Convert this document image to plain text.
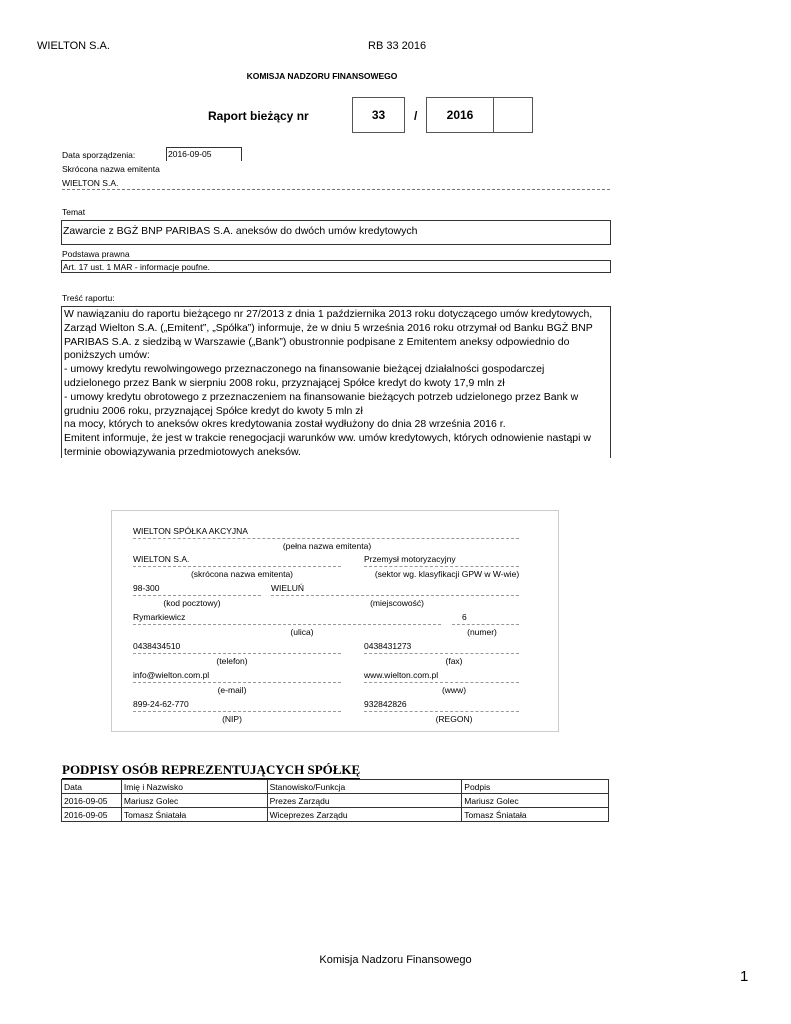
WIELTON S.A.	RB 33 2016
KOMISJA NADZORU FINANSOWEGO
Raport bieżący nr	33	/	2016
Data sporządzenia:	2016-09-05
Skrócona nazwa emitenta
WIELTON S.A.
Temat
Zawarcie z BGŻ BNP PARIBAS S.A. aneksów do dwóch umów kredytowych
Podstawa prawna
Art. 17 ust. 1 MAR - informacje poufne.
Treść raportu:

W nawiązaniu do raportu bieżącego nr 27/2013 z dnia 1 października 2013 roku dotyczącego umów kredytowych,

Zarząd Wielton S.A. („Emitent”, „Spółka”) informuje, że w dniu 5 września 2016 roku otrzymał od Banku BGŻ BNP

PARIBAS S.A. z siedzibą w Warszawie („Bank”) obustronnie podpisane z Emitentem aneksy odpowiednio do

poniższych umów:

- umowy kredytu rewolwingowego przeznaczonego na finansowanie bieżącej działalności gospodarczej

udzielonego przez Bank w sierpniu 2008 roku, przyznającej Spółce kredyt do kwoty 17,9 mln zł

- umowy kredytu obrotowego z przeznaczeniem na finansowanie bieżących potrzeb udzielonego przez Bank w

grudniu 2006 roku, przyznającej Spółce kredyt do kwoty 5 mln zł

na mocy, których to aneksów okres kredytowania został wydłużony do dnia 28 września 2016 r.

Emitent informuje, że jest w trakcie renegocjacji warunków ww. umów kredytowych, których odnowienie nastąpi w

terminie obowiązywania przedmiotowych aneksów.

WIELTON SPÓŁKA AKCYJNA
(pełna nazwa emitenta)
WIELTON S.A.	Przemysł motoryzacyjny
(skrócona nazwa emitenta)	(sektor wg. klasyfikacji GPW w W-wie)
98-300	WIELUŃ
(kod pocztowy)	(miejscowość)
Rymarkiewicz	6
(ulica)	(numer)
0438434510	0438431273
(telefon)	(fax)
info@wielton.com.pl	www.wielton.com.pl
(e-mail)	(www)
899-24-62-770	932842826
(NIP)	(REGON)
PODPISY OSÓB REPREZENTUJĄCYCH SPÓŁKĘ
Data	Imię i Nazwisko	Stanowisko/Funkcja	Podpis
2016-09-05	Mariusz Golec	Prezes Zarządu	Mariusz Golec
2016-09-05	Tomasz Śniatała	Wiceprezes Zarządu	Tomasz Śniatała
Komisja Nadzoru Finansowego
1
